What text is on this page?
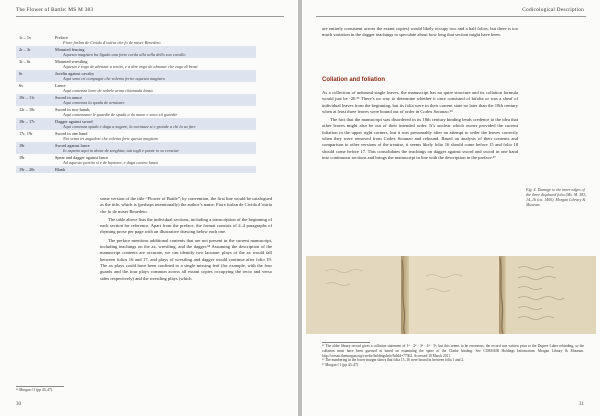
The Flower of Battle: MS M 383
1r – 1v	Preface
Fiore furlan de Civida d’ostria che fo de miser Benedeto
2r – 3r	Mounted fencing
Aquesto magistro ha ligada una forte corda alla sella dello suo cavallo
3r – 6r	Mounted wrestling
Aquesto e zogo de abrazar a tenito, e a dire zogo de abrazar che zogo di brazi
6r	Javelin against cavalry
Aqui sono tri compagni che volemo ferire aquesto magistro
6v	Lance
Aqui comenza larte de nobele arma chiamada lanza
10r – 11r	Sword in armor
Aqui comenza la spada de armizare
12r – 18r	Sword in two-hands
Aqui comenzano le guardie de spada a do mane e sono xii guardie
18r – 17r	Dagger against sword
Aqui comenza spada e daga a zogare, la aventaze si e grande a chi la sa fare
17r, 19r	Sword in one hand
Noi semo tri zugadori che volemo ferir questo magistro
18r	Sword against lance
Io aspetto aqui in dente de zenghiar, tuti tagli e punte io so cresciar
18r	Spear and dagger against lance
Ad aquesto partito si e de bastone, e daga contra lanza
19r – 20r	Blank

some version of the title “Flower of Battle”; by convention, the first line would be catalogued as the title, which is (perhaps intentionally) the author’s name: Fiore furlan de Civida d’ostria che fo de miser Benedeto.

The table above lists the individual sections, including a transcription of the beginning of each section for reference. Apart from the preface, the format consists of 2–4 paragraphs of rhyming prose per page with an illustrative drawing below each one.

The preface mentions additional contents that are not present in the current manuscript, including teachings on the ax, wrestling, and the dagger.³⁴ Assuming the description of the manuscript contents are accurate, we can identify two lacunae: plays of the ax would fall between folios 16 and 17, and plays of wrestling and dagger would continue after folio 19. The ax plays could have been confined to a single missing leaf (for example, with the four guards and the four plays common across all extant copies occupying the recto and verso sides respectively) and the wrestling plays (which

³⁴ Morgan f 1 (pp 43–47).
30
Codicological Description

are entirely consistent across the extant copies) would likely occupy two and a half folios, but there is too much variation in the dagger teachings to speculate about how long that section might have been.

Collation and foliation

As a collection of unbound single leaves, the manuscript has no quire structure and its collation formula would just be ‑20.³⁵ There’s no way to determine whether it once consisted of bifolia or was a sheaf of individual leaves from the beginning, but its folia were in their current state no later than the 18th century when at least three leaves were bound out of order in Codex Soranzo.³⁶

The fact that the manuscript was disordered in its 18th century binding lends credence to the idea that other leaves might also be out of their intended order. It’s unclear which owner provided the current foliation in the upper right corners, but it was presumably after an attempt to order the leaves correctly when they were removed from Codex Soranzo and rebound. Based on analysis of their contents and comparison to other versions of the treatise, it seems likely folio 16 should come before 15 and folio 18 should come before 17. This consolidates the teachings on dagger against sword and sword in one hand into continuous sections and brings the manuscript in line with the description in the preface.³⁷

Fig. 4. Damage to the inner edges of the three displaced folia (Ms. M. 383, 14–16 (ca. 1400). Morgan Library & Museum
³⁵ The older library record gives a collation statement of 1⁴ · 2⁴ · 3⁴ · 4⁴ · 5⁴, but this seems to be erroneous; the record was written prior to the Dupree Luker rebinding, so the collation must have been guessed at based on examining the spine of the Clarke binding. See CORSAIR Holdings Information. Morgan Library & Museum. http://corsair.themorgan.org/vwebv/holdingsInfo?bibId=77302. Accessed 10 March 2011.
³⁶ The numbering in the lower margin shows that folia 15–16 were bound in between folia 1 and 2.
³⁷ Morgan f 1 (pp 43–47).
31
